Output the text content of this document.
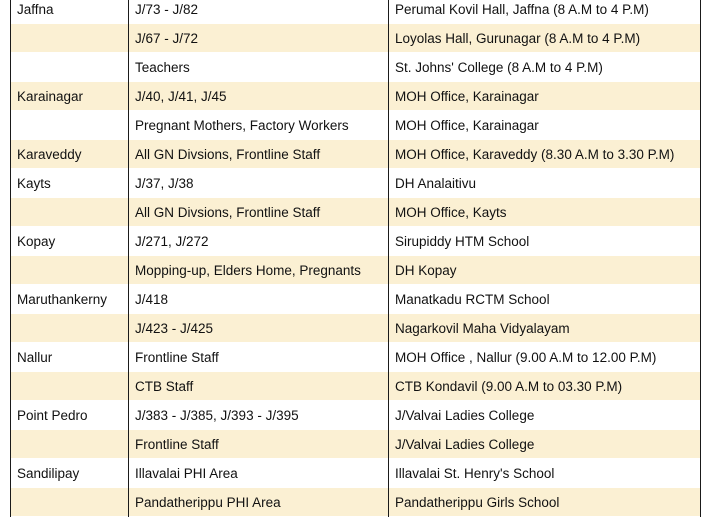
Jaffna	J/73 - J/82	Perumal Kovil Hall, Jaffna (8 A.M to 4 P.M)
	J/67 - J/72	Loyolas Hall, Gurunagar (8 A.M to 4 P.M)
	Teachers	St. Johns' College (8 A.M to 4 P.M)
Karainagar	J/40, J/41, J/45	MOH Office, Karainagar
	Pregnant Mothers, Factory Workers	MOH Office, Karainagar
Karaveddy	All GN Divsions, Frontline Staff	MOH Office, Karaveddy (8.30 A.M to 3.30 P.M)
Kayts	J/37, J/38	DH Analaitivu
	All GN Divsions, Frontline Staff	MOH Office, Kayts
Kopay	J/271, J/272	Sirupiddy HTM School
	Mopping-up, Elders Home, Pregnants	DH Kopay
Maruthankerny	J/418	Manatkadu RCTM School
	J/423 - J/425	Nagarkovil Maha Vidyalayam
Nallur	Frontline Staff	MOH Office , Nallur (9.00 A.M to 12.00 P.M)
	CTB Staff	CTB Kondavil (9.00 A.M to 03.30 P.M)
Point Pedro	J/383 - J/385, J/393 - J/395	J/Valvai Ladies College
	Frontline Staff	J/Valvai Ladies College
Sandilipay	Illavalai PHI Area	Illavalai St. Henry's School
	Pandatherippu PHI Area	Pandatherippu Girls School
